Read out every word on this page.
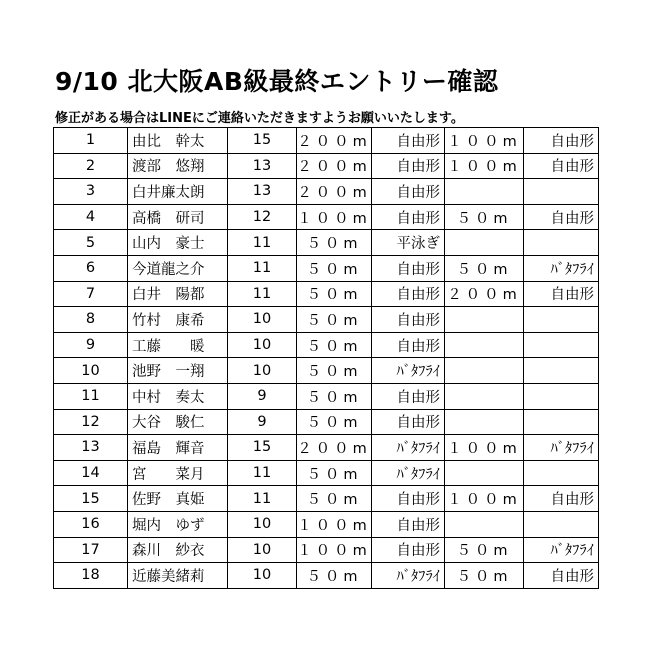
9/10 北大阪AB級最終エントリー確認
修正がある場合はLINEにご連絡いただきますようお願いいたします。
1	由比　幹太	15	２００m	自由形	１００m	自由形
2	渡部　悠翔	13	２００m	自由形	１００m	自由形
3	白井廉太朗	13	２００m	自由形		
4	高橋　研司	12	１００m	自由形	５０m	自由形
5	山内　豪士	11	５０m	平泳ぎ		
6	今道龍之介	11	５０m	自由形	５０m	ﾊﾞﾀﾌﾗｲ
7	白井　陽都	11	５０m	自由形	２００m	自由形
8	竹村　康希	10	５０m	自由形		
9	工藤　　暖	10	５０m	自由形		
10	池野　一翔	10	５０m	ﾊﾞﾀﾌﾗｲ		
11	中村　奏太	9	５０m	自由形		
12	大谷　駿仁	9	５０m	自由形		
13	福島　輝音	15	２００m	ﾊﾞﾀﾌﾗｲ	１００m	ﾊﾞﾀﾌﾗｲ
14	宮　　菜月	11	５０m	ﾊﾞﾀﾌﾗｲ		
15	佐野　真姫	11	５０m	自由形	１００m	自由形
16	堀内　ゆず	10	１００m	自由形		
17	森川　紗衣	10	１００m	自由形	５０m	ﾊﾞﾀﾌﾗｲ
18	近藤美緒莉	10	５０m	ﾊﾞﾀﾌﾗｲ	５０m	自由形
